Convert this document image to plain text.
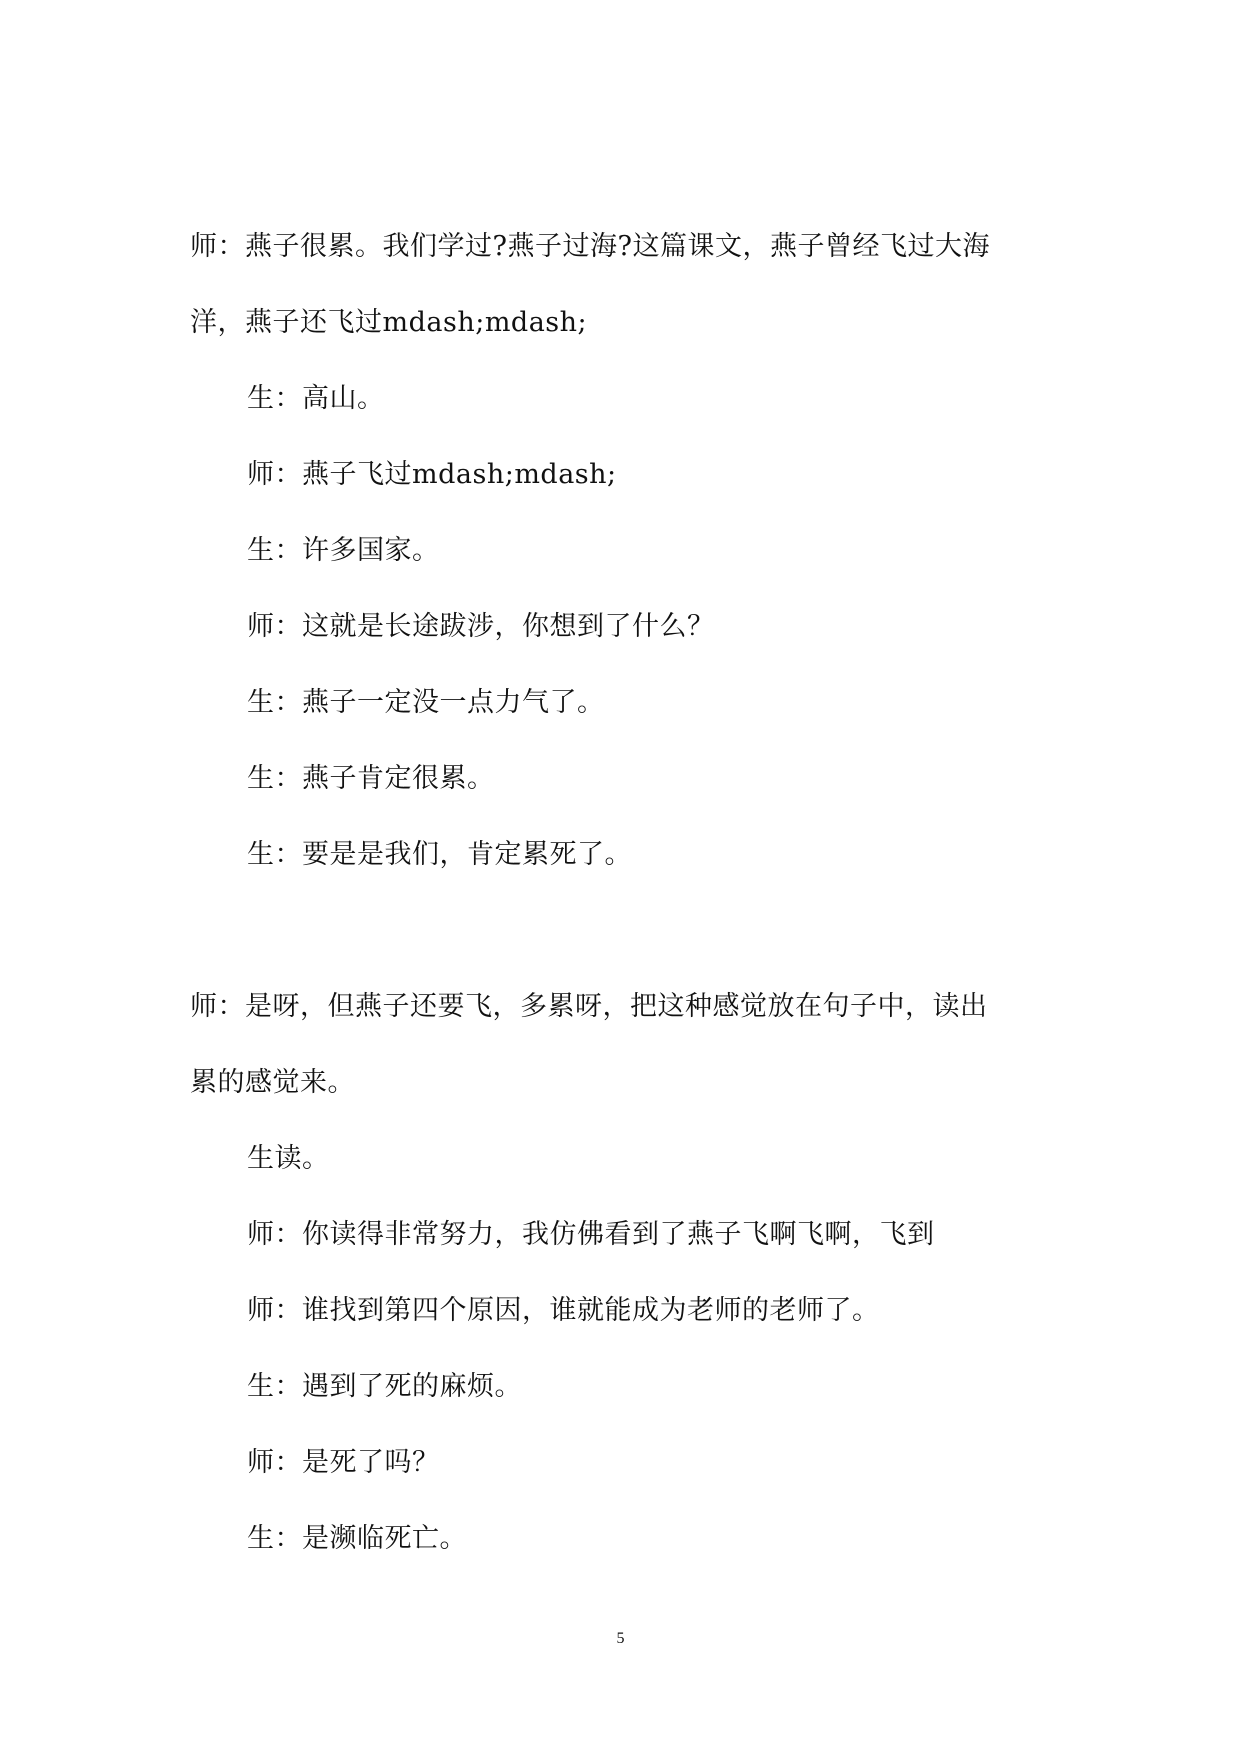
师：燕子很累。我们学过?燕子过海?这篇课文，燕子曾经飞过大海
洋，燕子还飞过mdash;mdash;
生：高山。
师：燕子飞过mdash;mdash;
生：许多国家。
师：这就是长途跋涉，你想到了什么？
生：燕子一定没一点力气了。
生：燕子肯定很累。
生：要是是我们，肯定累死了。
师：是呀，但燕子还要飞，多累呀，把这种感觉放在句子中，读出
累的感觉来。
生读。
师：你读得非常努力，我仿佛看到了燕子飞啊飞啊，飞到
师：谁找到第四个原因，谁就能成为老师的老师了。
生：遇到了死的麻烦。
师：是死了吗？
生：是濒临死亡。
5
